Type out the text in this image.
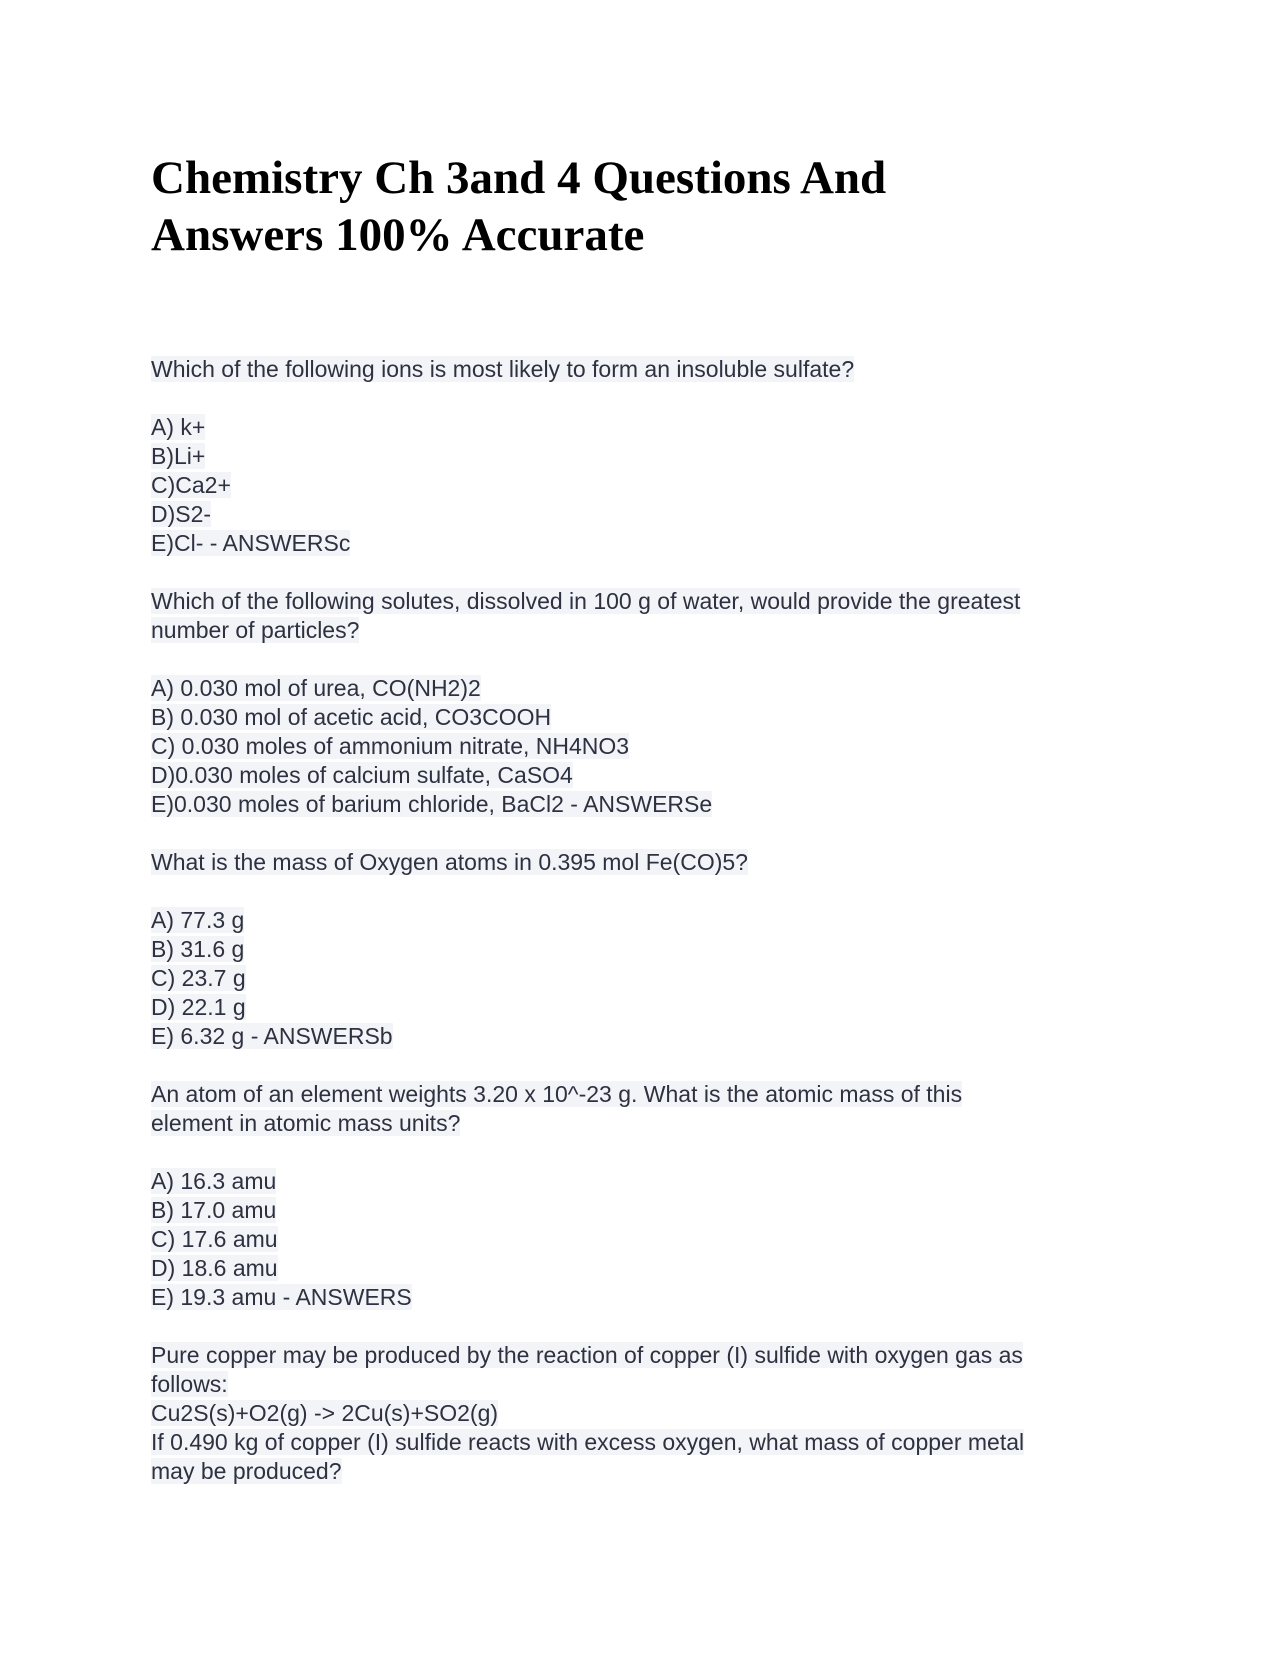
Chemistry Ch 3and 4 Questions And
Answers 100% Accurate
Which of the following ions is most likely to form an insoluble sulfate?
A) k+
B)Li+
C)Ca2+
D)S2-
E)Cl- - ANSWERSc
Which of the following solutes, dissolved in 100 g of water, would provide the greatest
number of particles?
A) 0.030 mol of urea, CO(NH2)2
B) 0.030 mol of acetic acid, CO3COOH
C) 0.030 moles of ammonium nitrate, NH4NO3
D)0.030 moles of calcium sulfate, CaSO4
E)0.030 moles of barium chloride, BaCl2 - ANSWERSe
What is the mass of Oxygen atoms in 0.395 mol Fe(CO)5?
A) 77.3 g
B) 31.6 g
C) 23.7 g
D) 22.1 g
E) 6.32 g - ANSWERSb
An atom of an element weights 3.20 x 10^-23 g. What is the atomic mass of this
element in atomic mass units?
A) 16.3 amu
B) 17.0 amu
C) 17.6 amu
D) 18.6 amu
E) 19.3 amu - ANSWERS
Pure copper may be produced by the reaction of copper (I) sulfide with oxygen gas as
follows:
Cu2S(s)+O2(g) -> 2Cu(s)+SO2(g)
If 0.490 kg of copper (I) sulfide reacts with excess oxygen, what mass of copper metal
may be produced?
